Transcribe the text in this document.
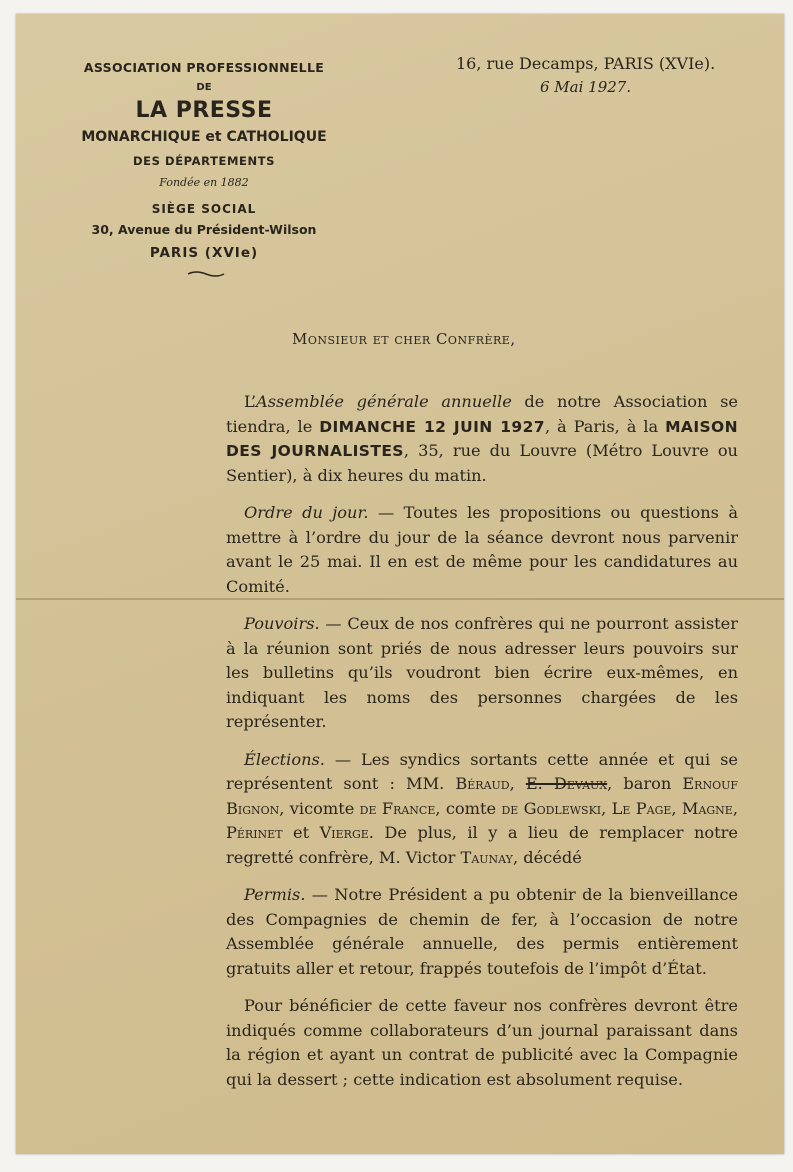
ASSOCIATION PROFESSIONNELLE
DE
LA PRESSE
MONARCHIQUE et CATHOLIQUE
DES DÉPARTEMENTS
Fondée en 1882
SIÈGE SOCIAL
30, Avenue du Président-Wilson
PARIS (XVIe)
16, rue Decamps, PARIS (XVIe).
6 Mai 1927.
Monsieur et cher Confrère,

L’Assemblée générale annuelle de notre Association se tiendra, le DIMANCHE 12 JUIN 1927, à Paris, à la MAISON DES JOURNALISTES, 35, rue du Louvre (Métro Louvre ou Sentier), à dix heures du matin.

Ordre du jour. — Toutes les propositions ou questions à mettre à l’ordre du jour de la séance devront nous parvenir avant le 25 mai. Il en est de même pour les candidatures au Comité.

Pouvoirs. — Ceux de nos confrères qui ne pourront assister à la réunion sont priés de nous adresser leurs pouvoirs sur les bulletins qu’ils voudront bien écrire eux-mêmes, en indiquant les noms des personnes chargées de les représenter.

Élections. — Les syndics sortants cette année et qui se représentent sont : MM. Béraud, E. Devaux, baron Ernouf Bignon, vicomte de France, comte de Godlewski, Le Page, Magne, Périnet et Vierge. De plus, il y a lieu de remplacer notre regretté confrère, M. Victor Taunay, décédé

Permis. — Notre Président a pu obtenir de la bienveillance des Compagnies de chemin de fer, à l’occasion de notre Assemblée générale annuelle, des permis entièrement gratuits aller et retour, frappés toutefois de l’impôt d’État.

Pour bénéficier de cette faveur nos confrères devront être indiqués comme collaborateurs d’un journal paraissant dans la région et ayant un contrat de publicité avec la Compagnie qui la dessert ; cette indication est absolument requise.
